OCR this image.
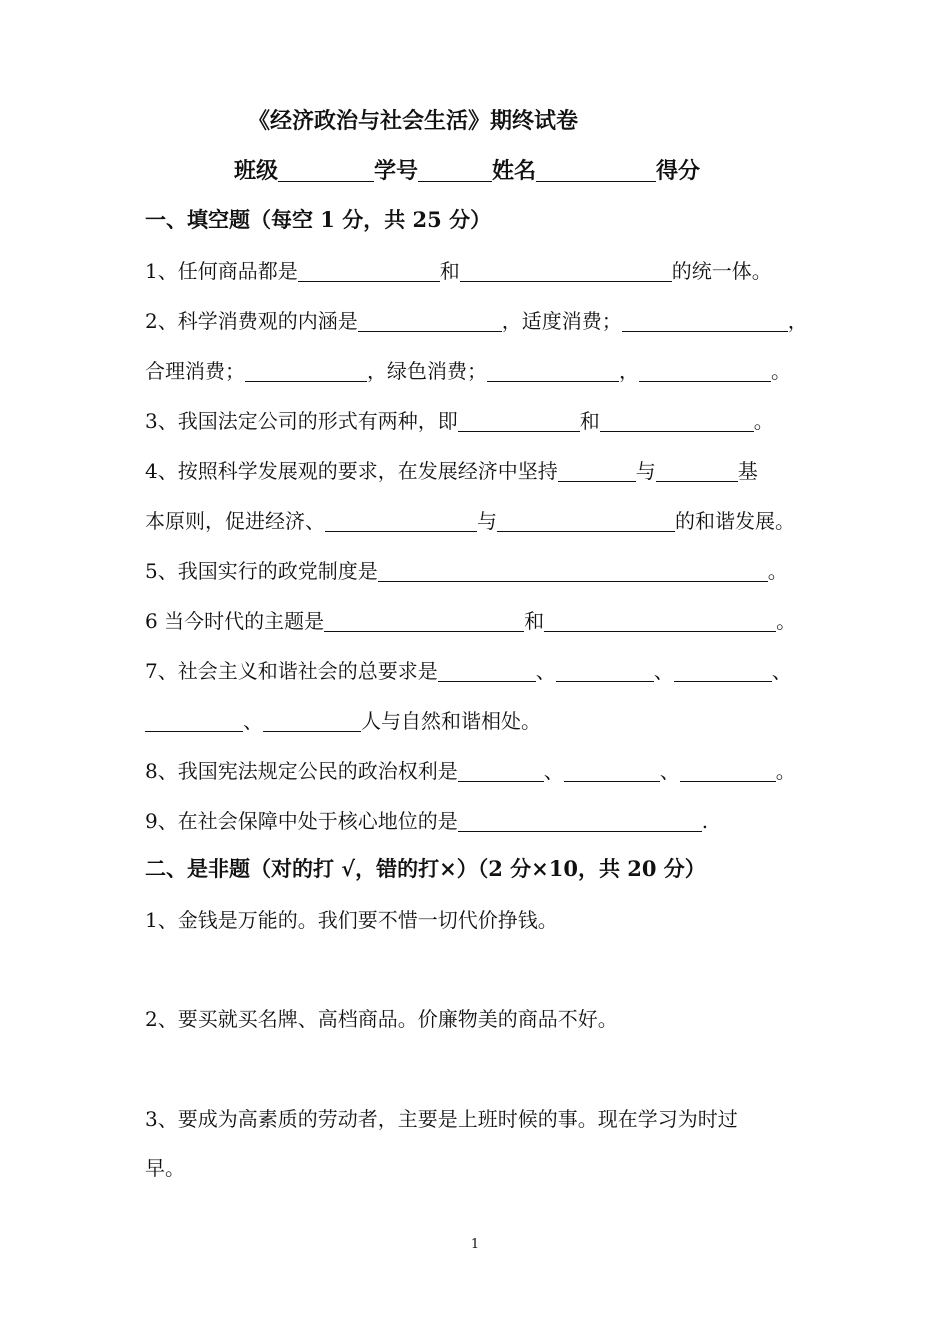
《经济政治与社会生活》期终试卷
班级	学号	姓名	得分
一、填空题（每空 1 分，共 25 分）
1、任何商品都是	和	的统一体。
2、科学消费观的内涵是	，适度消费；	，
合理消费；	，绿色消费；	，	。
3、我国法定公司的形式有两种，即	和	。
4、按照科学发展观的要求，在发展经济中坚持	与	基
本原则，促进经济、	与	的和谐发展。
5、我国实行的政党制度是	。
6 当今时代的主题是	和	。
7、社会主义和谐社会的总要求是	、	、	、
、	人与自然和谐相处。
8、我国宪法规定公民的政治权利是	、	、	。
9、在社会保障中处于核心地位的是	.
二、是非题（对的打 √，错的打×）（2 分×10，共 20 分）
1、金钱是万能的。我们要不惜一切代价挣钱。
2、要买就买名牌、高档商品。价廉物美的商品不好。
3、要成为高素质的劳动者，主要是上班时候的事。现在学习为时过
早。
1
